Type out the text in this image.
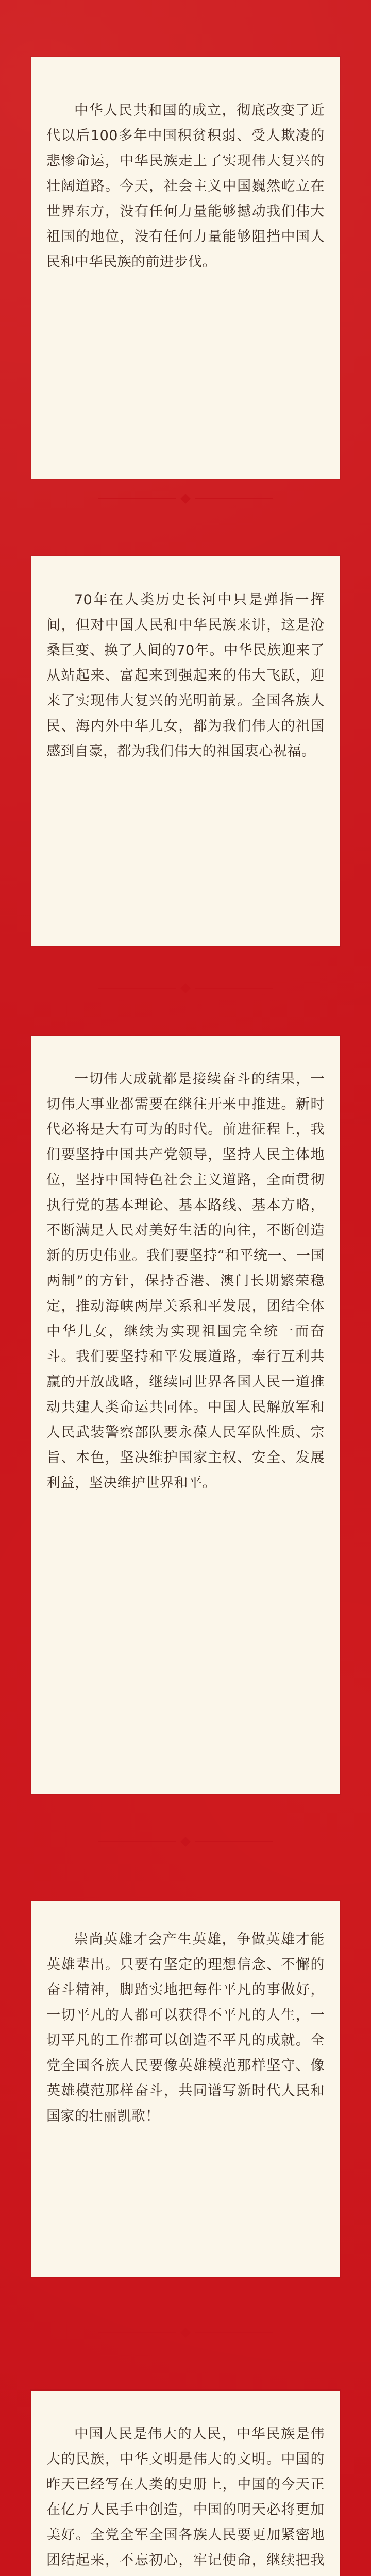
中华人民共和国的成立，彻底改变了近代以后100多年中国积贫积弱、受人欺凌的悲惨命运，中华民族走上了实现伟大复兴的壮阔道路。今天，社会主义中国巍然屹立在世界东方，没有任何力量能够撼动我们伟大祖国的地位，没有任何力量能够阻挡中国人民和中华民族的前进步伐。

70年在人类历史长河中只是弹指一挥间，但对中国人民和中华民族来讲，这是沧桑巨变、换了人间的70年。中华民族迎来了从站起来、富起来到强起来的伟大飞跃，迎来了实现伟大复兴的光明前景。全国各族人民、海内外中华儿女，都为我们伟大的祖国感到自豪，都为我们伟大的祖国衷心祝福。

一切伟大成就都是接续奋斗的结果，一切伟大事业都需要在继往开来中推进。新时代必将是大有可为的时代。前进征程上，我们要坚持中国共产党领导，坚持人民主体地位，坚持中国特色社会主义道路，全面贯彻执行党的基本理论、基本路线、基本方略，不断满足人民对美好生活的向往，不断创造新的历史伟业。我们要坚持“和平统一、一国两制”的方针，保持香港、澳门长期繁荣稳定，推动海峡两岸关系和平发展，团结全体中华儿女，继续为实现祖国完全统一而奋斗。我们要坚持和平发展道路，奉行互利共赢的开放战略，继续同世界各国人民一道推动共建人类命运共同体。中国人民解放军和人民武装警察部队要永葆人民军队性质、宗旨、本色，坚决维护国家主权、安全、发展利益，坚决维护世界和平。

崇尚英雄才会产生英雄，争做英雄才能英雄辈出。只要有坚定的理想信念、不懈的奋斗精神，脚踏实地把每件平凡的事做好，一切平凡的人都可以获得不平凡的人生，一切平凡的工作都可以创造不平凡的成就。全党全国各族人民要像英雄模范那样坚守、像英雄模范那样奋斗，共同谱写新时代人民和国家的壮丽凯歌！

中国人民是伟大的人民，中华民族是伟大的民族，中华文明是伟大的文明。中国的昨天已经写在人类的史册上，中国的今天正在亿万人民手中创造，中国的明天必将更加美好。全党全军全国各族人民要更加紧密地团结起来，不忘初心，牢记使命，继续把我
